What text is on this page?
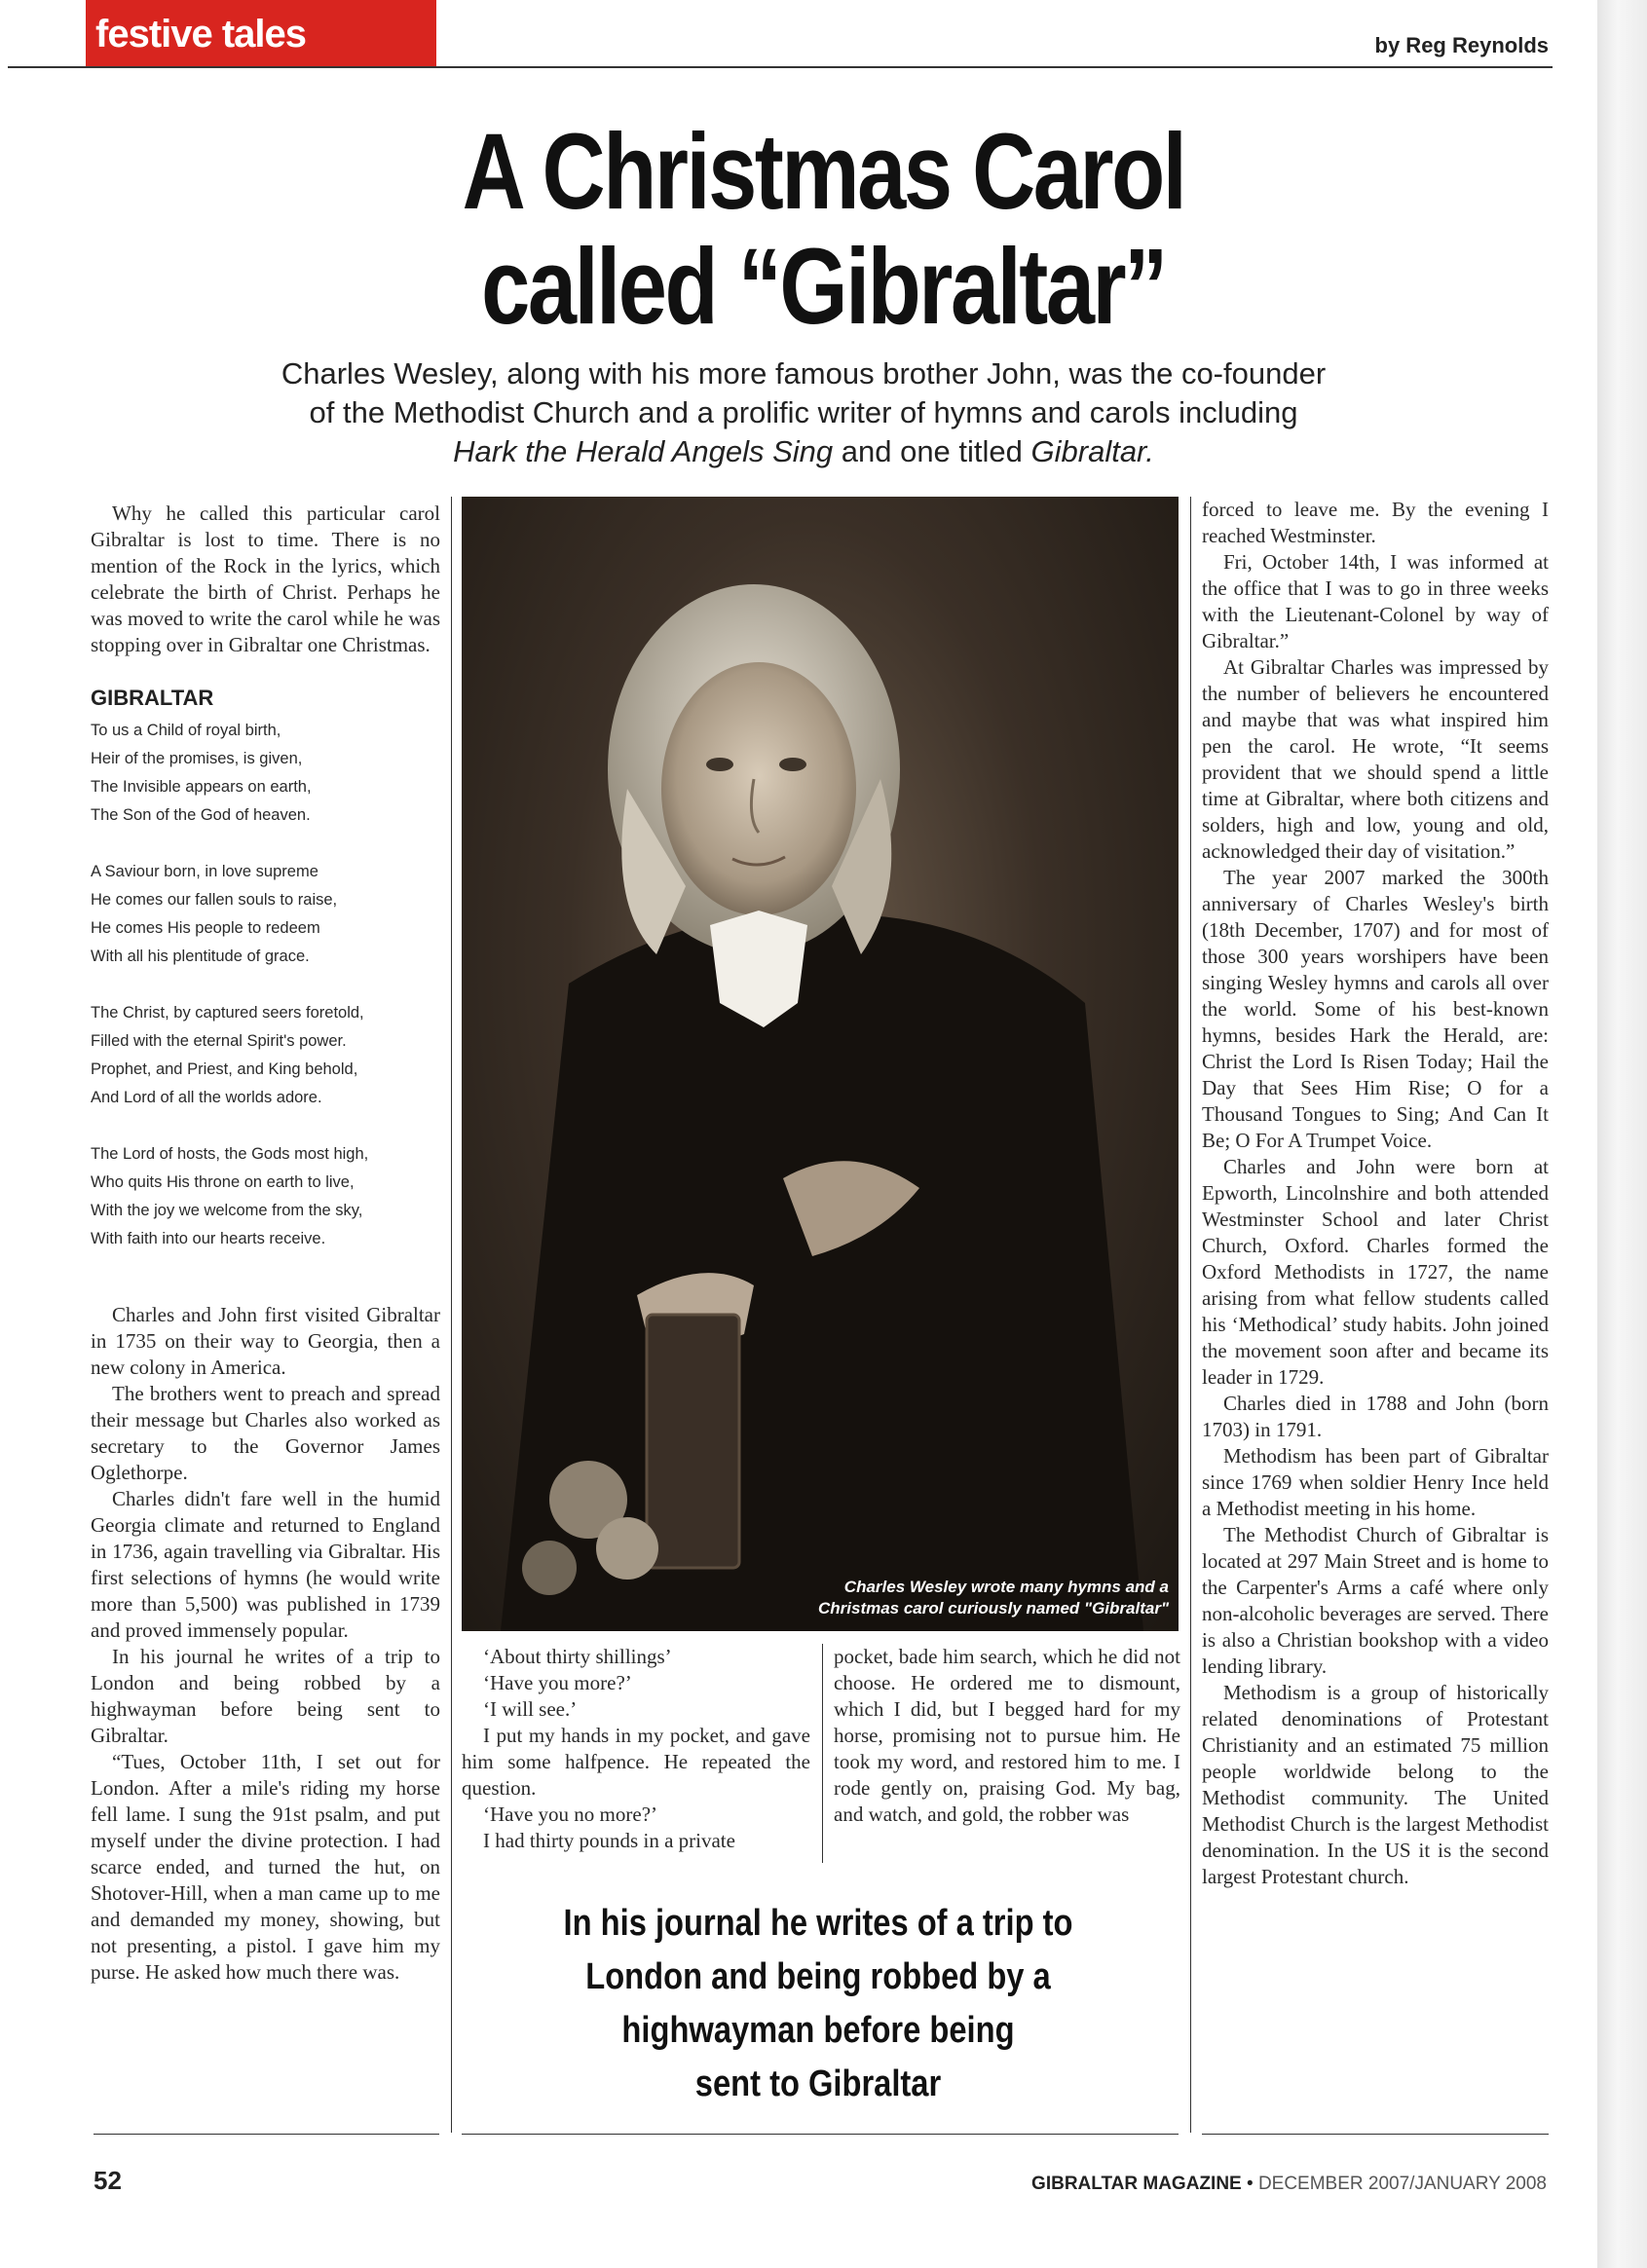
festive tales	by Reg Reynolds
A Christmas Carol
called “Gibraltar”

Charles Wesley, along with his more famous brother John, was the co-founder
of the Methodist Church and a prolific writer of hymns and carols including
Hark the Herald Angels Sing and one titled Gibraltar.

Why he called this particular carol Gibraltar is lost to time. There is no mention of the Rock in the lyrics, which celebrate the birth of Christ. Perhaps he was moved to write the carol while he was stopping over in Gibraltar one Christmas.

GIBRALTAR
To us a Child of royal birth,
Heir of the promises, is given,
The Invisible appears on earth,
The Son of the God of heaven.
A Saviour born, in love supreme
He comes our fallen souls to raise,
He comes His people to redeem
With all his plentitude of grace.
The Christ, by captured seers foretold,
Filled with the eternal Spirit's power.
Prophet, and Priest, and King behold,
And Lord of all the worlds adore.
The Lord of hosts, the Gods most high,
Who quits His throne on earth to live,
With the joy we welcome from the sky,
With faith into our hearts receive.

Charles and John first visited Gibraltar in 1735 on their way to Georgia, then a new colony in America.

The brothers went to preach and spread their message but Charles also worked as secretary to the Governor James Oglethorpe.

Charles didn't fare well in the humid Georgia climate and returned to England in 1736, again travelling via Gibraltar. His first selections of hymns (he would write more than 5,500) was published in 1739 and proved immensely popular.

In his journal he writes of a trip to London and being robbed by a highwayman before being sent to Gibraltar.

“Tues, October 11th, I set out for London. After a mile's riding my horse fell lame. I sung the 91st psalm, and put myself under the divine protection. I had scarce ended, and turned the hut, on Shotover-Hill, when a man came up to me and demanded my money, showing, but not presenting, a pistol. I gave him my purse. He asked how much there was.

Charles Wesley wrote many hymns and a
Christmas carol curiously named "Gibraltar"

‘About thirty shillings’

‘Have you more?’

‘I will see.’

I put my hands in my pocket, and gave him some halfpence. He repeated the question.

‘Have you no more?’

I had thirty pounds in a private

pocket, bade him search, which he did not choose. He ordered me to dismount, which I did, but I begged hard for my horse, promising not to pursue him. He took my word, and restored him to me. I rode gently on, praising God. My bag, and watch, and gold, the robber was

In his journal he writes of a trip to
London and being robbed by a
highwayman before being
sent to Gibraltar

forced to leave me. By the evening I reached Westminster.

Fri, October 14th, I was informed at the office that I was to go in three weeks with the Lieutenant-Colonel by way of Gibraltar.”

At Gibraltar Charles was impressed by the number of believers he encountered and maybe that was what inspired him pen the carol. He wrote, “It seems provident that we should spend a little time at Gibraltar, where both citizens and solders, high and low, young and old, acknowledged their day of visitation.”

The year 2007 marked the 300th anniversary of Charles Wesley's birth (18th December, 1707) and for most of those 300 years worshipers have been singing Wesley hymns and carols all over the world. Some of his best-known hymns, besides Hark the Herald, are: Christ the Lord Is Risen Today; Hail the Day that Sees Him Rise; O for a Thousand Tongues to Sing; And Can It Be; O For A Trumpet Voice.

Charles and John were born at Epworth, Lincolnshire and both attended Westminster School and later Christ Church, Oxford. Charles formed the Oxford Methodists in 1727, the name arising from what fellow students called his ‘Methodical’ study habits. John joined the movement soon after and became its leader in 1729.

Charles died in 1788 and John (born 1703) in 1791.

Methodism has been part of Gibraltar since 1769 when soldier Henry Ince held a Methodist meeting in his home.

The Methodist Church of Gibraltar is located at 297 Main Street and is home to the Carpenter's Arms a café where only non-alcoholic beverages are served. There is also a Christian bookshop with a video lending library.

Methodism is a group of historically related denominations of Protestant Christianity and an estimated 75 million people worldwide belong to the Methodist community. The United Methodist Church is the largest Methodist denomination. In the US it is the second largest Protestant church.

52	GIBRALTAR MAGAZINE • DECEMBER 2007/JANUARY 2008
